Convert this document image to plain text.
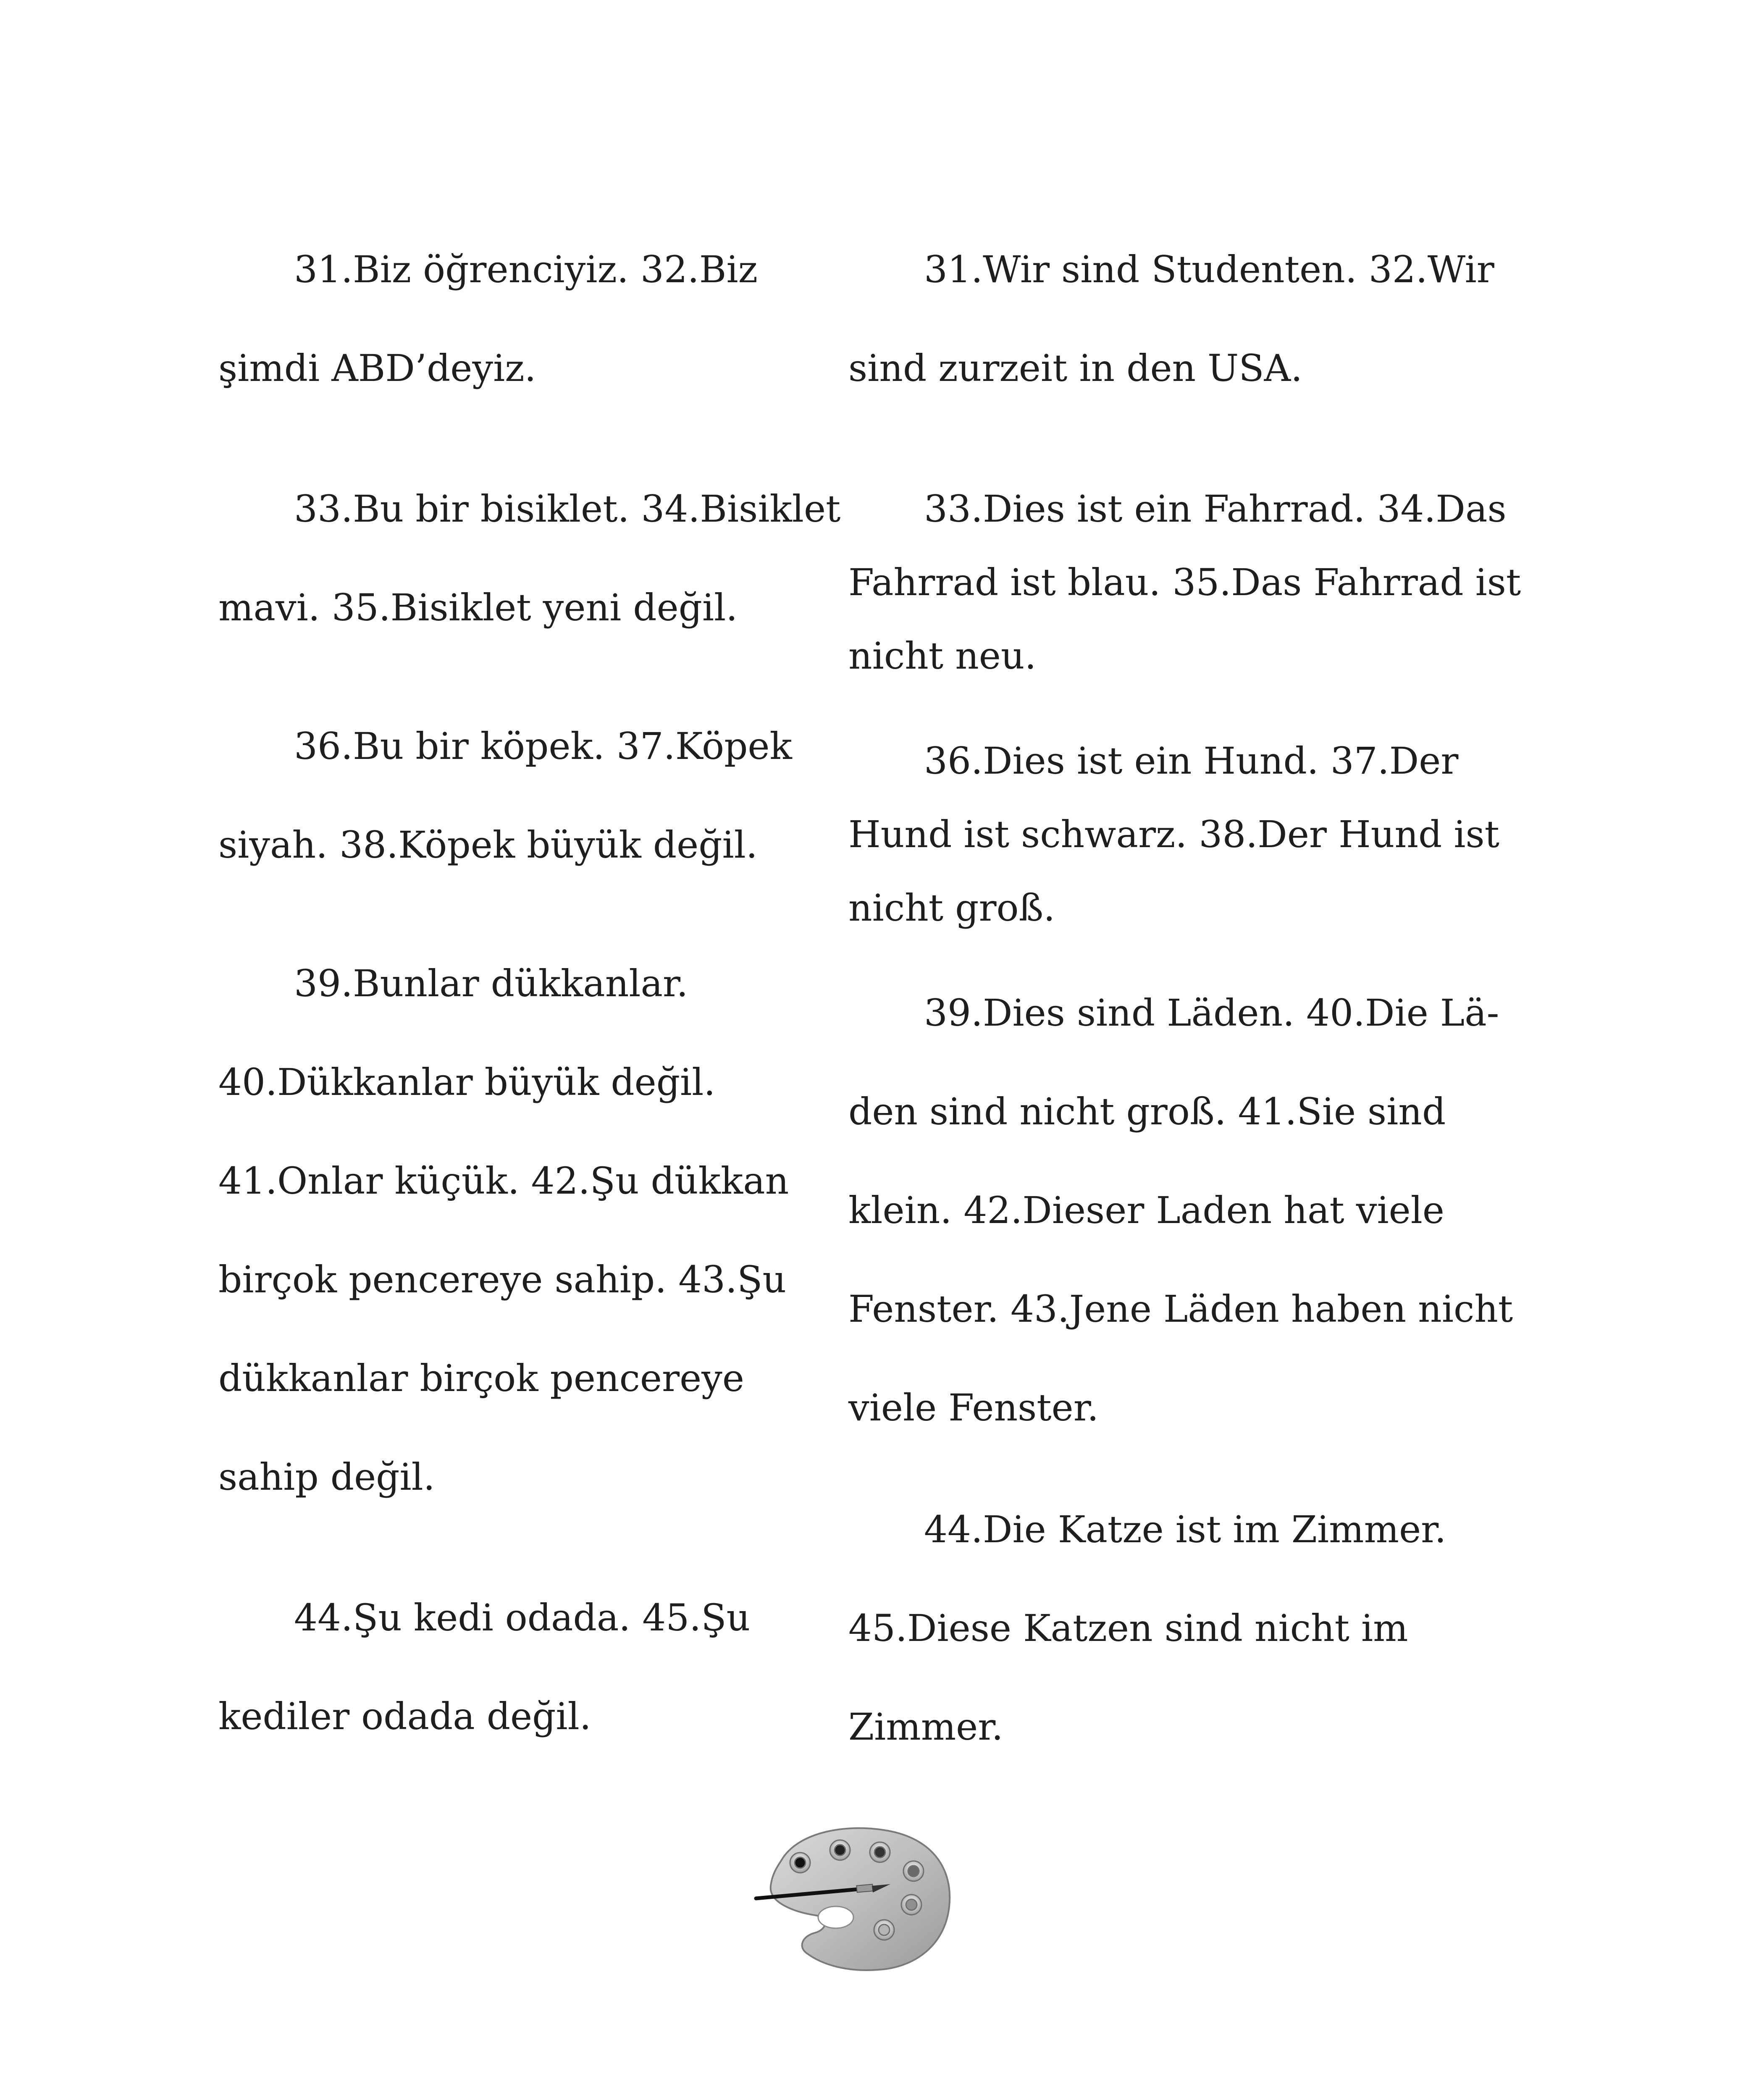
31.Biz öğrenciyiz. 32.Biz
şimdi ABD’deyiz.
33.Bu bir bisiklet. 34.Bisiklet
mavi. 35.Bisiklet yeni değil.
36.Bu bir köpek. 37.Köpek
siyah. 38.Köpek büyük değil.
39.Bunlar dükkanlar.
40.Dükkanlar büyük değil.
41.Onlar küçük. 42.Şu dükkan
birçok pencereye sahip. 43.Şu
dükkanlar birçok pencereye
sahip değil.
44.Şu kedi odada. 45.Şu
kediler odada değil.
31.Wir sind Studenten. 32.Wir
sind zurzeit in den USA.
33.Dies ist ein Fahrrad. 34.Das
Fahrrad ist blau. 35.Das Fahrrad ist
nicht neu.
36.Dies ist ein Hund. 37.Der
Hund ist schwarz. 38.Der Hund ist
nicht groß.
39.Dies sind Läden. 40.Die Lä-
den sind nicht groß. 41.Sie sind
klein. 42.Dieser Laden hat viele
Fenster. 43.Jene Läden haben nicht
viele Fenster.
44.Die Katze ist im Zimmer.
45.Diese Katzen sind nicht im
Zimmer.
